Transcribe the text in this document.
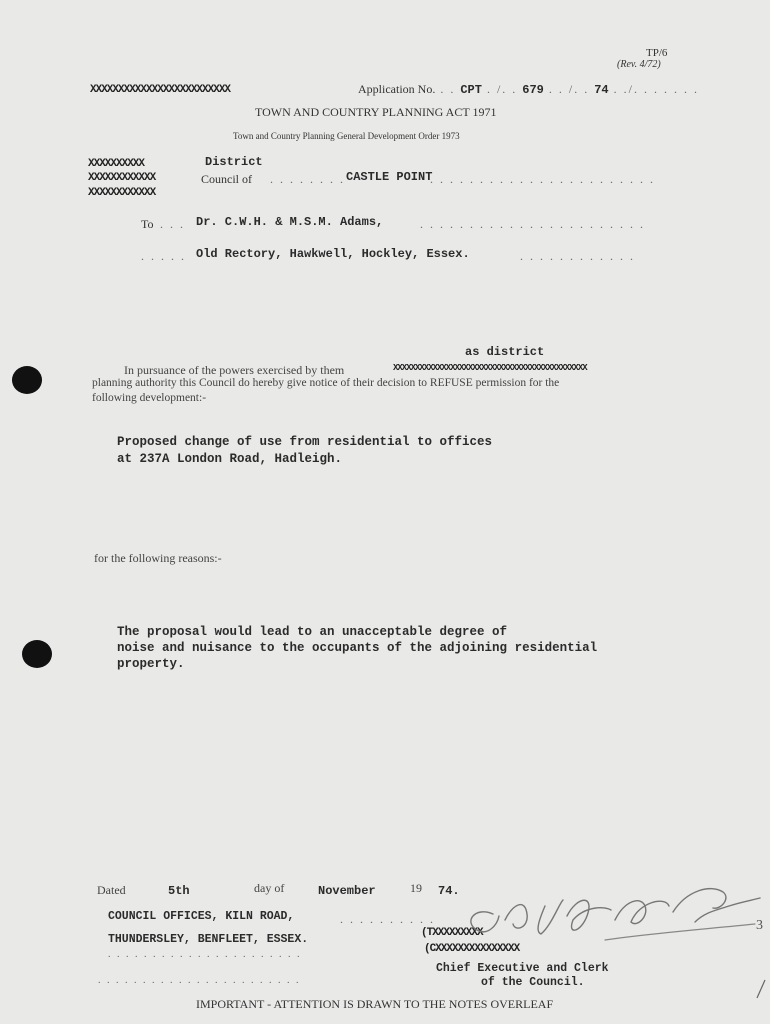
TP/6
(Rev. 4/72)
XXXXXXXXXXXXXXXXXXXXXXXXX	Application No. . . CPT . /. . 679 . . /. . 74 . ./. . . . . . .
TOWN AND COUNTRY PLANNING ACT 1971
Town and Country Planning General Development Order 1973
XXXXXXXXXX
XXXXXXXXXXXX
XXXXXXXXXXXX
District
Council of . . . . . . . . CASTLE POINT
. . . . . . . . . . . . . . . . . . . . . . .
To . . . Dr. C.W.H. & M.S.M. Adams,	. . . . . . . . . . . . . . . . . . . . . . .
. . . . . Old Rectory, Hawkwell, Hockley, Essex.	. . . . . . . . . . . .
as district
In pursuance of the powers exercised by them	XXXXXXXXXXXXXXXXXXXXXXXXXXXXXXXXXXXXXXXXXXXX
planning authority this Council do hereby give notice of their decision to REFUSE permission for the
following development:-
Proposed change of use from residential to offices
at 237A London Road, Hadleigh.
for the following reasons:-
The proposal would lead to an unacceptable degree of
noise and nuisance to the occupants of the adjoining residential
property.
Dated	5th	day of	November	19 74.
COUNCIL OFFICES, KILN ROAD,	. . . . . . . . . .
THUNDERSLEY, BENFLEET, ESSEX.
. . . . . . . . . . . . . . . . . . . . . .
. . . . . . . . . . . . . . . . . . . . . . .
(TXXXXXXXXX
(CXXXXXXXXXXXXXXX
Chief Executive and Clerk
of the Council.
3
IMPORTANT - ATTENTION IS DRAWN TO THE NOTES OVERLEAF
